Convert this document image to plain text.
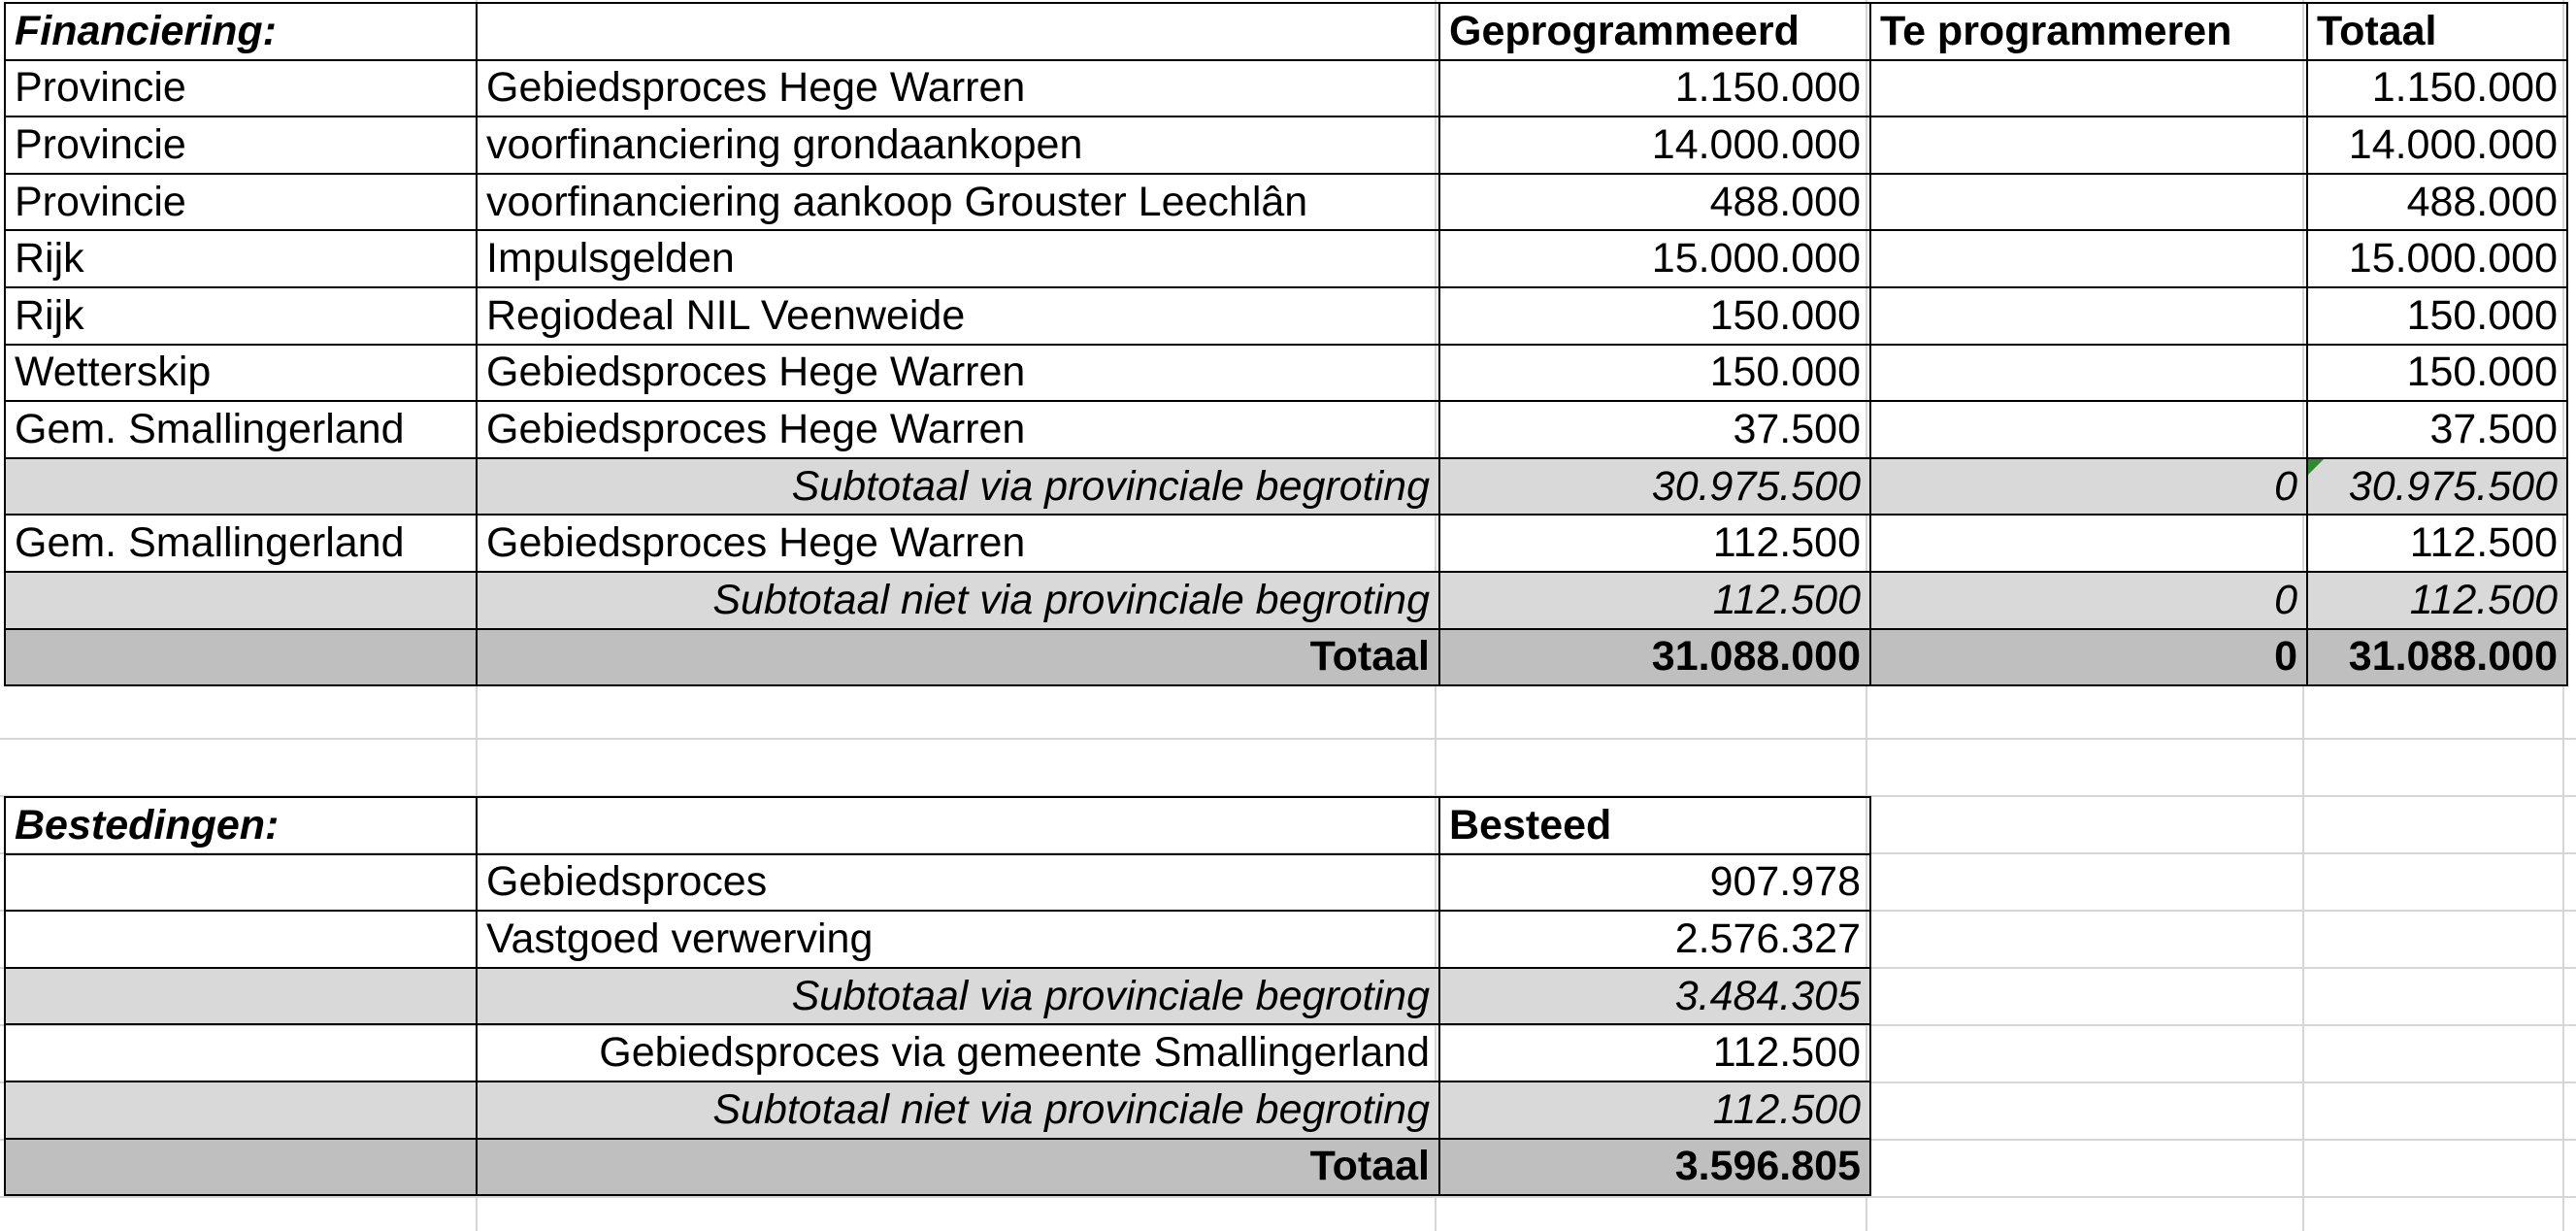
Financiering:		Geprogrammeerd	Te programmeren	Totaal
Provincie	Gebiedsproces Hege Warren	1.150.000		1.150.000
Provincie	voorfinanciering grondaankopen	14.000.000		14.000.000
Provincie	voorfinanciering aankoop Grouster Leechlân	488.000		488.000
Rijk	Impulsgelden	15.000.000		15.000.000
Rijk	Regiodeal NIL Veenweide	150.000		150.000
Wetterskip	Gebiedsproces Hege Warren	150.000		150.000
Gem. Smallingerland	Gebiedsproces Hege Warren	37.500		37.500
	Subtotaal via provinciale begroting	30.975.500	0	30.975.500
Gem. Smallingerland	Gebiedsproces Hege Warren	112.500		112.500
	Subtotaal niet via provinciale begroting	112.500	0	112.500
	Totaal	31.088.000	0	31.088.000
Bestedingen:		Besteed
	Gebiedsproces	907.978
	Vastgoed verwerving	2.576.327
	Subtotaal via provinciale begroting	3.484.305
	Gebiedsproces via gemeente Smallingerland	112.500
	Subtotaal niet via provinciale begroting	112.500
	Totaal	3.596.805
